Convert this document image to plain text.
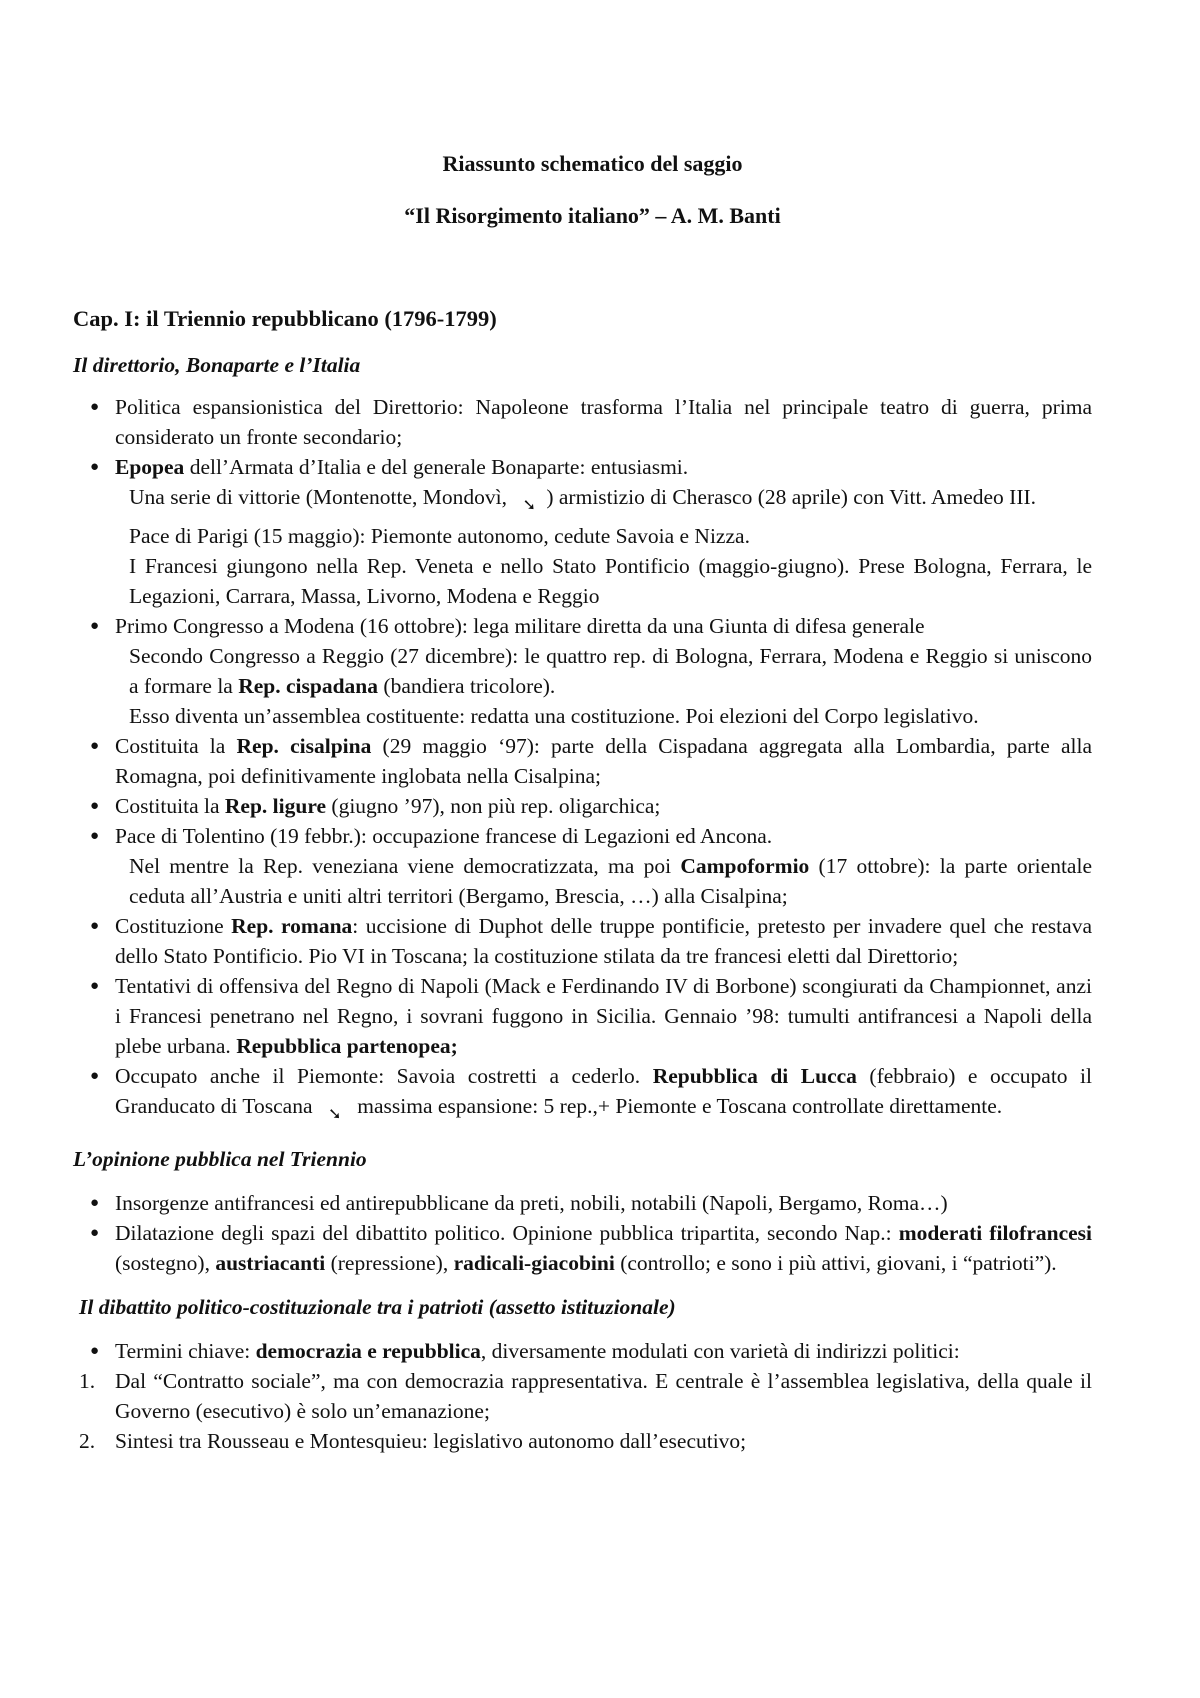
Riassunto schematico del saggio

“Il Risorgimento italiano” – A. M. Banti

Cap. I: il Triennio repubblicano (1796-1799)

Il direttorio, Bonaparte e l’Italia

● Politica espansionistica del Direttorio: Napoleone trasforma l’Italia nel principale teatro di guerra, prima considerato un fronte secondario;
● Epopea dell’Armata d’Italia e del generale Bonaparte: entusiasmi.
Una serie di vittorie (Montenotte, Mondovì, ➘ ) armistizio di Cherasco (28 aprile) con Vitt. Amedeo III.
Pace di Parigi (15 maggio): Piemonte autonomo, cedute Savoia e Nizza.
I Francesi giungono nella Rep. Veneta e nello Stato Pontificio (maggio-giugno). Prese Bologna, Ferrara, le Legazioni, Carrara, Massa, Livorno, Modena e Reggio
● Primo Congresso a Modena (16 ottobre): lega militare diretta da una Giunta di difesa generale
Secondo Congresso a Reggio (27 dicembre): le quattro rep. di Bologna, Ferrara, Modena e Reggio si uniscono a formare la Rep. cispadana (bandiera tricolore).
Esso diventa un’assemblea costituente: redatta una costituzione. Poi elezioni del Corpo legislativo.
● Costituita la Rep. cisalpina (29 maggio ‘97): parte della Cispadana aggregata alla Lombardia, parte alla Romagna, poi definitivamente inglobata nella Cisalpina;
● Costituita la Rep. ligure (giugno ’97), non più rep. oligarchica;
● Pace di Tolentino (19 febbr.): occupazione francese di Legazioni ed Ancona.
Nel mentre la Rep. veneziana viene democratizzata, ma poi Campoformio (17 ottobre): la parte orientale ceduta all’Austria e uniti altri territori (Bergamo, Brescia, …) alla Cisalpina;
● Costituzione Rep. romana: uccisione di Duphot delle truppe pontificie, pretesto per invadere quel che restava dello Stato Pontificio. Pio VI in Toscana; la costituzione stilata da tre francesi eletti dal Direttorio;
● Tentativi di offensiva del Regno di Napoli (Mack e Ferdinando IV di Borbone) scongiurati da Championnet, anzi i Francesi penetrano nel Regno, i sovrani fuggono in Sicilia. Gennaio ’98: tumulti antifrancesi a Napoli della plebe urbana. Repubblica partenopea;
● Occupato anche il Piemonte: Savoia costretti a cederlo. Repubblica di Lucca (febbraio) e occupato il Granducato di Toscana ➘ massima espansione: 5 rep.,+ Piemonte e Toscana controllate direttamente.

L’opinione pubblica nel Triennio

● Insorgenze antifrancesi ed antirepubblicane da preti, nobili, notabili (Napoli, Bergamo, Roma…)
● Dilatazione degli spazi del dibattito politico. Opinione pubblica tripartita, secondo Nap.: moderati filofrancesi (sostegno), austriacanti (repressione), radicali-giacobini (controllo; e sono i più attivi, giovani, i “patrioti”).

Il dibattito politico-costituzionale tra i patrioti (assetto istituzionale)

● Termini chiave: democrazia e repubblica, diversamente modulati con varietà di indirizzi politici:
1. Dal “Contratto sociale”, ma con democrazia rappresentativa. E centrale è l’assemblea legislativa, della quale il Governo (esecutivo) è solo un’emanazione;
2. Sintesi tra Rousseau e Montesquieu: legislativo autonomo dall’esecutivo;
